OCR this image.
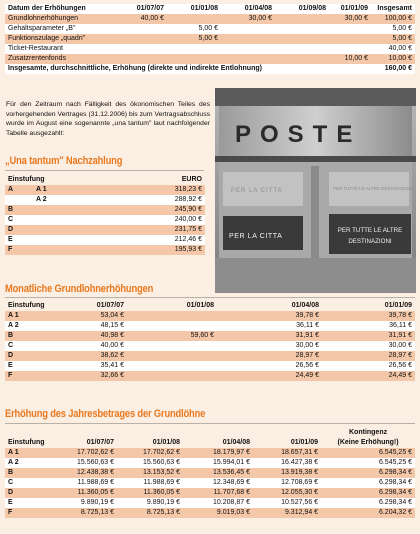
Datum der Erhöhungen	01/07/07	01/01/08	01/04/08	01/09/08	01/01/09	Insgesamt
Grundlohnerhöhungen	40,00 €		30,00 €		30,00 €	100,00 €
Gehaltsparameter „B"		5,00 €				5,00 €
Funktionszulage „quadri"		5,00 €				5,00 €
Ticket-Restaurant						40,00 €
Zusatzrentenfonds					10,00 €	10,00 €
Insgesamte, durchschnittliche, Erhöhung (direkte und indirekte Entlohnung)						160,00 €

Für den Zeitraum nach Fälligkeit des ökonomischen Teiles des vorhergehenden Vertrages (31.12.2006) bis zum Vertragsabschluss wurde im August eine sogenannte „una tantum" laut nachfolgender Tabelle ausgezahlt:	POSTE
PER LA CITTA	PER TUTTE LE ALTRE DESTINAZIONI
PER LA CITTA
PER TUTTE LE ALTRE
DESTINAZIONI
„Una tantum" Nachzahlung
Einstufung		EURO
A	A 1	318,23 €
	A 2	288,92 €
B		245,90 €
C		240,00 €
D		231,75 €
E		212,46 €
F		195,93 €
Monatliche Grundlohnerhöhungen
Einstufung	01/07/07	01/01/08	01/04/08	01/01/09
A 1	53,04 €		39,78 €	39,78 €
A 2	48,15 €		36,11 €	36,11 €
B	40,98 €	59,60 €	31,91 €	31,91 €
C	40,00 €		30,00 €	30,00 €
D	38,62 €		28,97 €	28,97 €
E	35,41 €		26,56 €	26,56 €
F	32,66 €		24,49 €	24,49 €
Erhöhung des Jahresbetrages der Grundlöhne
					Kontingenz
Einstufung	01/07/07	01/01/08	01/04/08	01/01/09	(Keine Erhöhung!)
A 1	17.702,62 €	17.702,62 €	18.179,97 €	18.657,31 €	6.545,25 €
A 2	15.560,63 €	15.560,63 €	15.994,01 €	16.427,38 €	6.545,25 €
B	12.438,38 €	13.153,52 €	13.536,45 €	13.919,38 €	6.298,34 €
C	11.988,69 €	11.988,69 €	12.348,69 €	12.708,69 €	6.298,34 €
D	11.360,05 €	11.360,05 €	11.707,68 €	12.055,30 €	6.298,34 €
E	9.890,19 €	9.890,19 €	10.208,87 €	10.527,56 €	6.298,34 €
F	8.725,13 €	8.725,13 €	9.019,03 €	9.312,94 €	6.204,32 €
